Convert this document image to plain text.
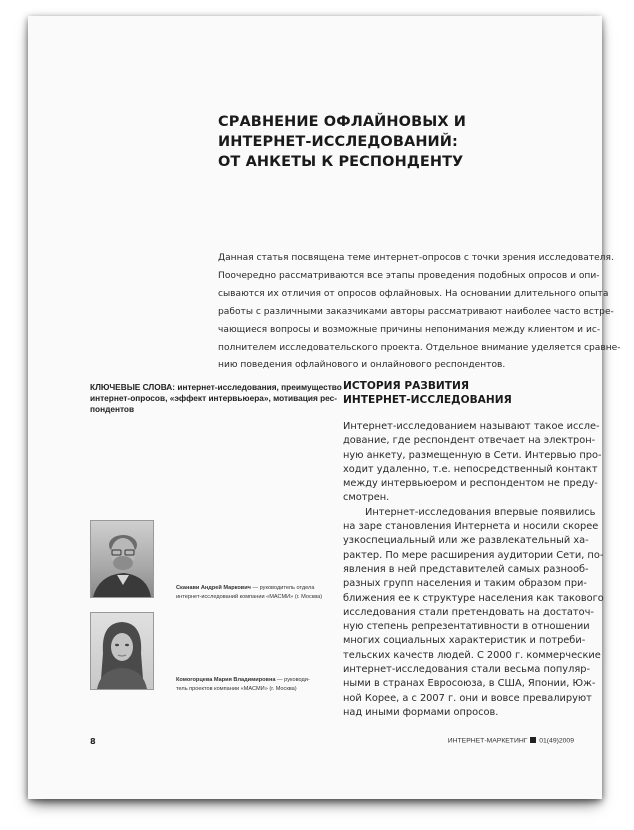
СРАВНЕНИЕ ОФЛАЙНОВЫХ И
ИНТЕРНЕТ-ИССЛЕДОВАНИЙ:
ОТ АНКЕТЫ К РЕСПОНДЕНТУ
Данная статья посвящена теме интернет-опросов с точки зрения исследователя.
Поочередно рассматриваются все этапы проведения подобных опросов и опи-
сываются их отличия от опросов офлайновых. На основании длительного опыта
работы с различными заказчиками авторы рассматривают наиболее часто встре-
чающиеся вопросы и возможные причины непонимания между клиентом и ис-
полнителем исследовательского проекта. Отдельное внимание уделяется сравне-
нию поведения офлайнового и онлайнового респондентов.
КЛЮЧЕВЫЕ СЛОВА: интернет-исследования, преимущество
интернет-опросов, «эффект интервьюера», мотивация рес-
пондентов
ИСТОРИЯ РАЗВИТИЯ
ИНТЕРНЕТ-ИССЛЕДОВАНИЯ
Интернет-исследованием называют такое иссле-
дование, где респондент отвечает на электрон-
ную анкету, размещенную в Сети. Интервью про-
ходит удаленно, т.е. непосредственный контакт
между интервьюером и респондентом не преду-
смотрен.
Интернет-исследования впервые появились
на заре становления Интернета и носили скорее
узкоспециальный или же развлекательный ха-
рактер. По мере расширения аудитории Сети, по-
явления в ней представителей самых разнооб-
разных групп населения и таким образом при-
ближения ее к структуре населения как такового
исследования стали претендовать на достаточ-
ную степень репрезентативности в отношении
многих социальных характеристик и потреби-
тельских качеств людей. С 2000 г. коммерческие
интернет-исследования стали весьма популяр-
ными в странах Евросоюза, в США, Японии, Юж-
ной Корее, а с 2007 г. они и вовсе превалируют
над иными формами опросов.
Сканави Андрей Маркович — руководитель отдела
интернет-исследований компании «МАСМИ» (г. Москва)
Комогорцева Мария Владимировна — руководи-
тель проектов компании «МАСМИ» (г. Москва)
8	ИНТЕРНЕТ-МАРКЕТИНГ 01(49)2009
